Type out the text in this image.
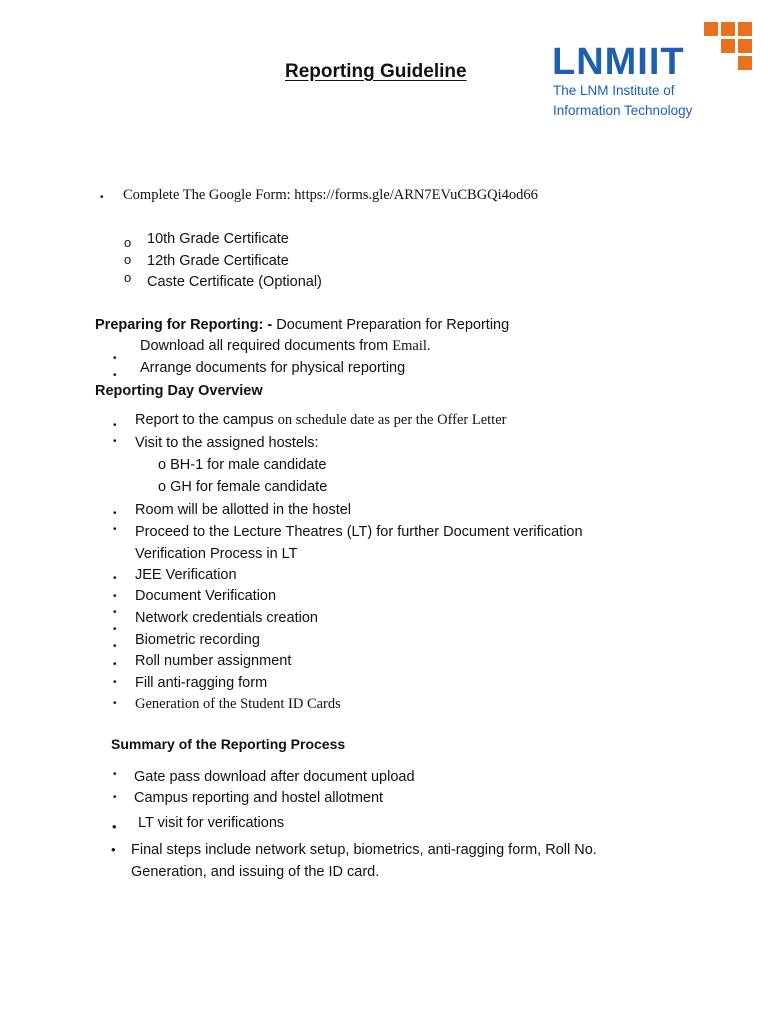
Reporting Guideline LNMIIT
The LNM Institute of
Information Technology
• Complete The Google Form: https://forms.gle/ARN7EVuCBGQi4od66
o 10th Grade Certificate
o 12th Grade Certificate
o Caste Certificate (Optional)
Preparing for Reporting: - Document Preparation for Reporting
Download all required documents from Email.
•
• Arrange documents for physical reporting
Reporting Day Overview
• Report to the campus on schedule date as per the Offer Letter
• Visit to the assigned hostels:
o BH-1 for male candidate
o GH for female candidate
• Room will be allotted in the hostel
• Proceed to the Lecture Theatres (LT) for further Document verification
Verification Process in LT
• JEE Verification
• Document Verification
• Network credentials creation
•
• Biometric recording
• Roll number assignment
• Fill anti-ragging form
• Generation of the Student ID Cards
Summary of the Reporting Process
• Gate pass download after document upload
• Campus reporting and hostel allotment
• LT visit for verifications
• Final steps include network setup, biometrics, anti-ragging form, Roll No.
Generation, and issuing of the ID card.
